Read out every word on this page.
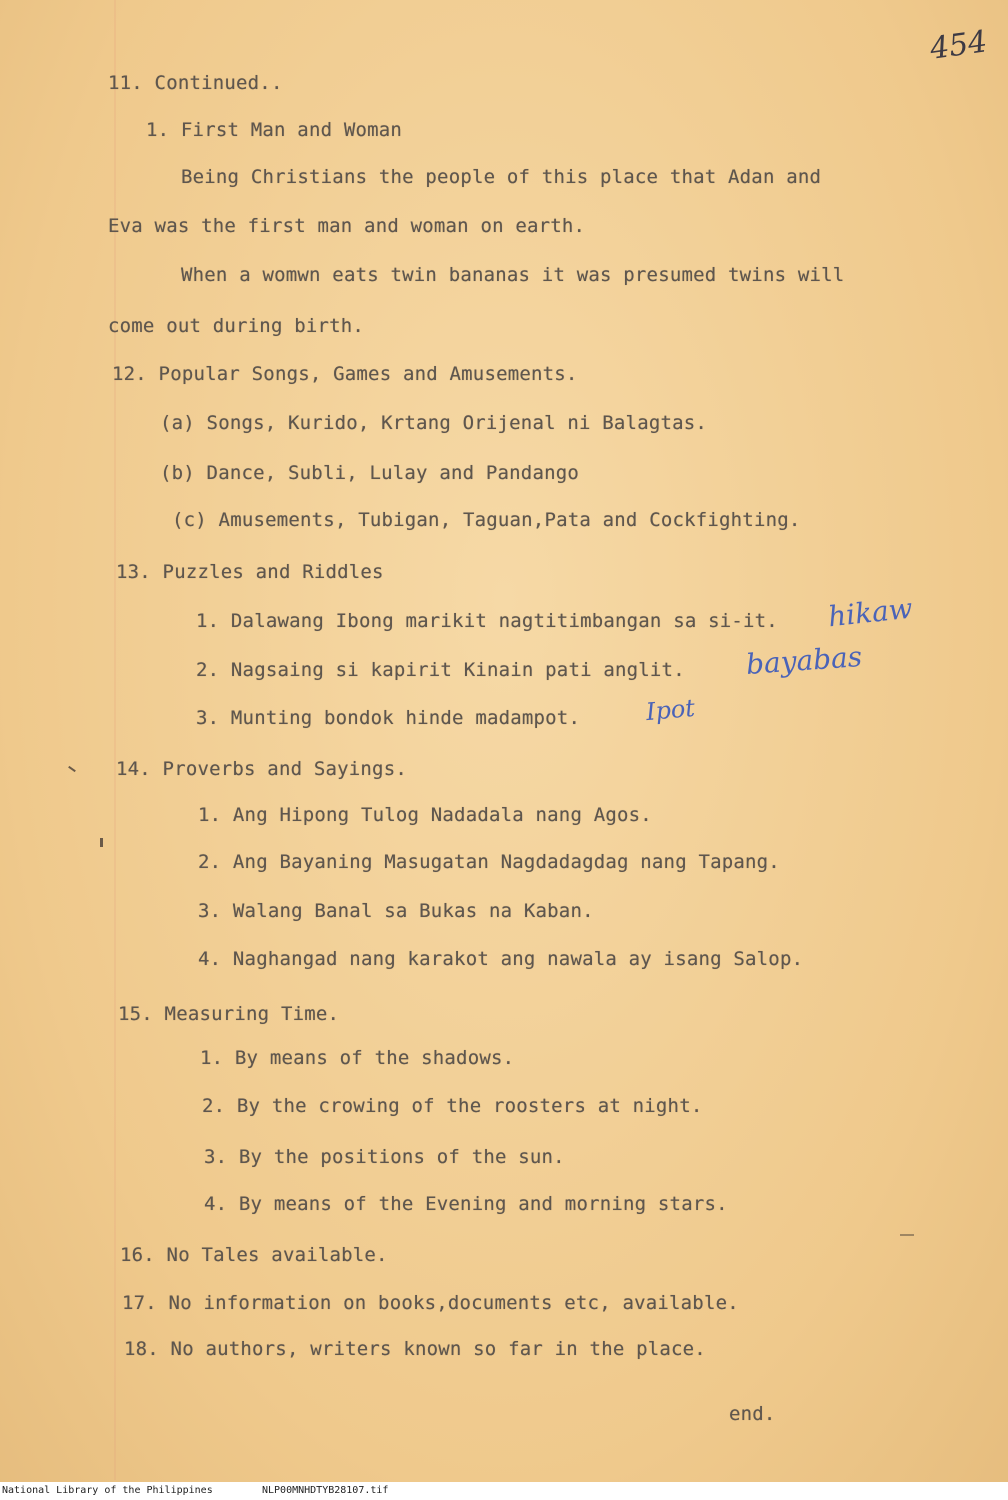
454
11. Continued..
1. First Man and Woman
Being Christians the people of this place that Adan and
Eva was the first man and woman on earth.
When a womwn eats twin bananas it was presumed twins will
come out during birth.
12. Popular Songs, Games and Amusements.
(a) Songs, Kurido, Krtang Orijenal ni Balagtas.
(b) Dance, Subli, Lulay and Pandango
(c) Amusements, Tubigan, Taguan,Pata and Cockfighting.
13. Puzzles and Riddles
1. Dalawang Ibong marikit nagtitimbangan sa si-it.
2. Nagsaing si kapirit Kinain pati anglit.
3. Munting bondok hinde madampot.
14. Proverbs and Sayings.
1. Ang Hipong Tulog Nadadala nang Agos.
2. Ang Bayaning Masugatan Nagdadagdag nang Tapang.
3. Walang Banal sa Bukas na Kaban.
4. Naghangad nang karakot ang nawala ay isang Salop.
15. Measuring Time.
1. By means of the shadows.
2. By the crowing of the roosters at night.
3. By the positions of the sun.
4. By means of the Evening and morning stars.
16. No Tales available.
17. No information on books,documents etc, available.
18. No authors, writers known so far in the place.
end.
hikaw
bayabas
Ipot
National Library of the Philippines	NLP00MNHDTYB28107.tif
